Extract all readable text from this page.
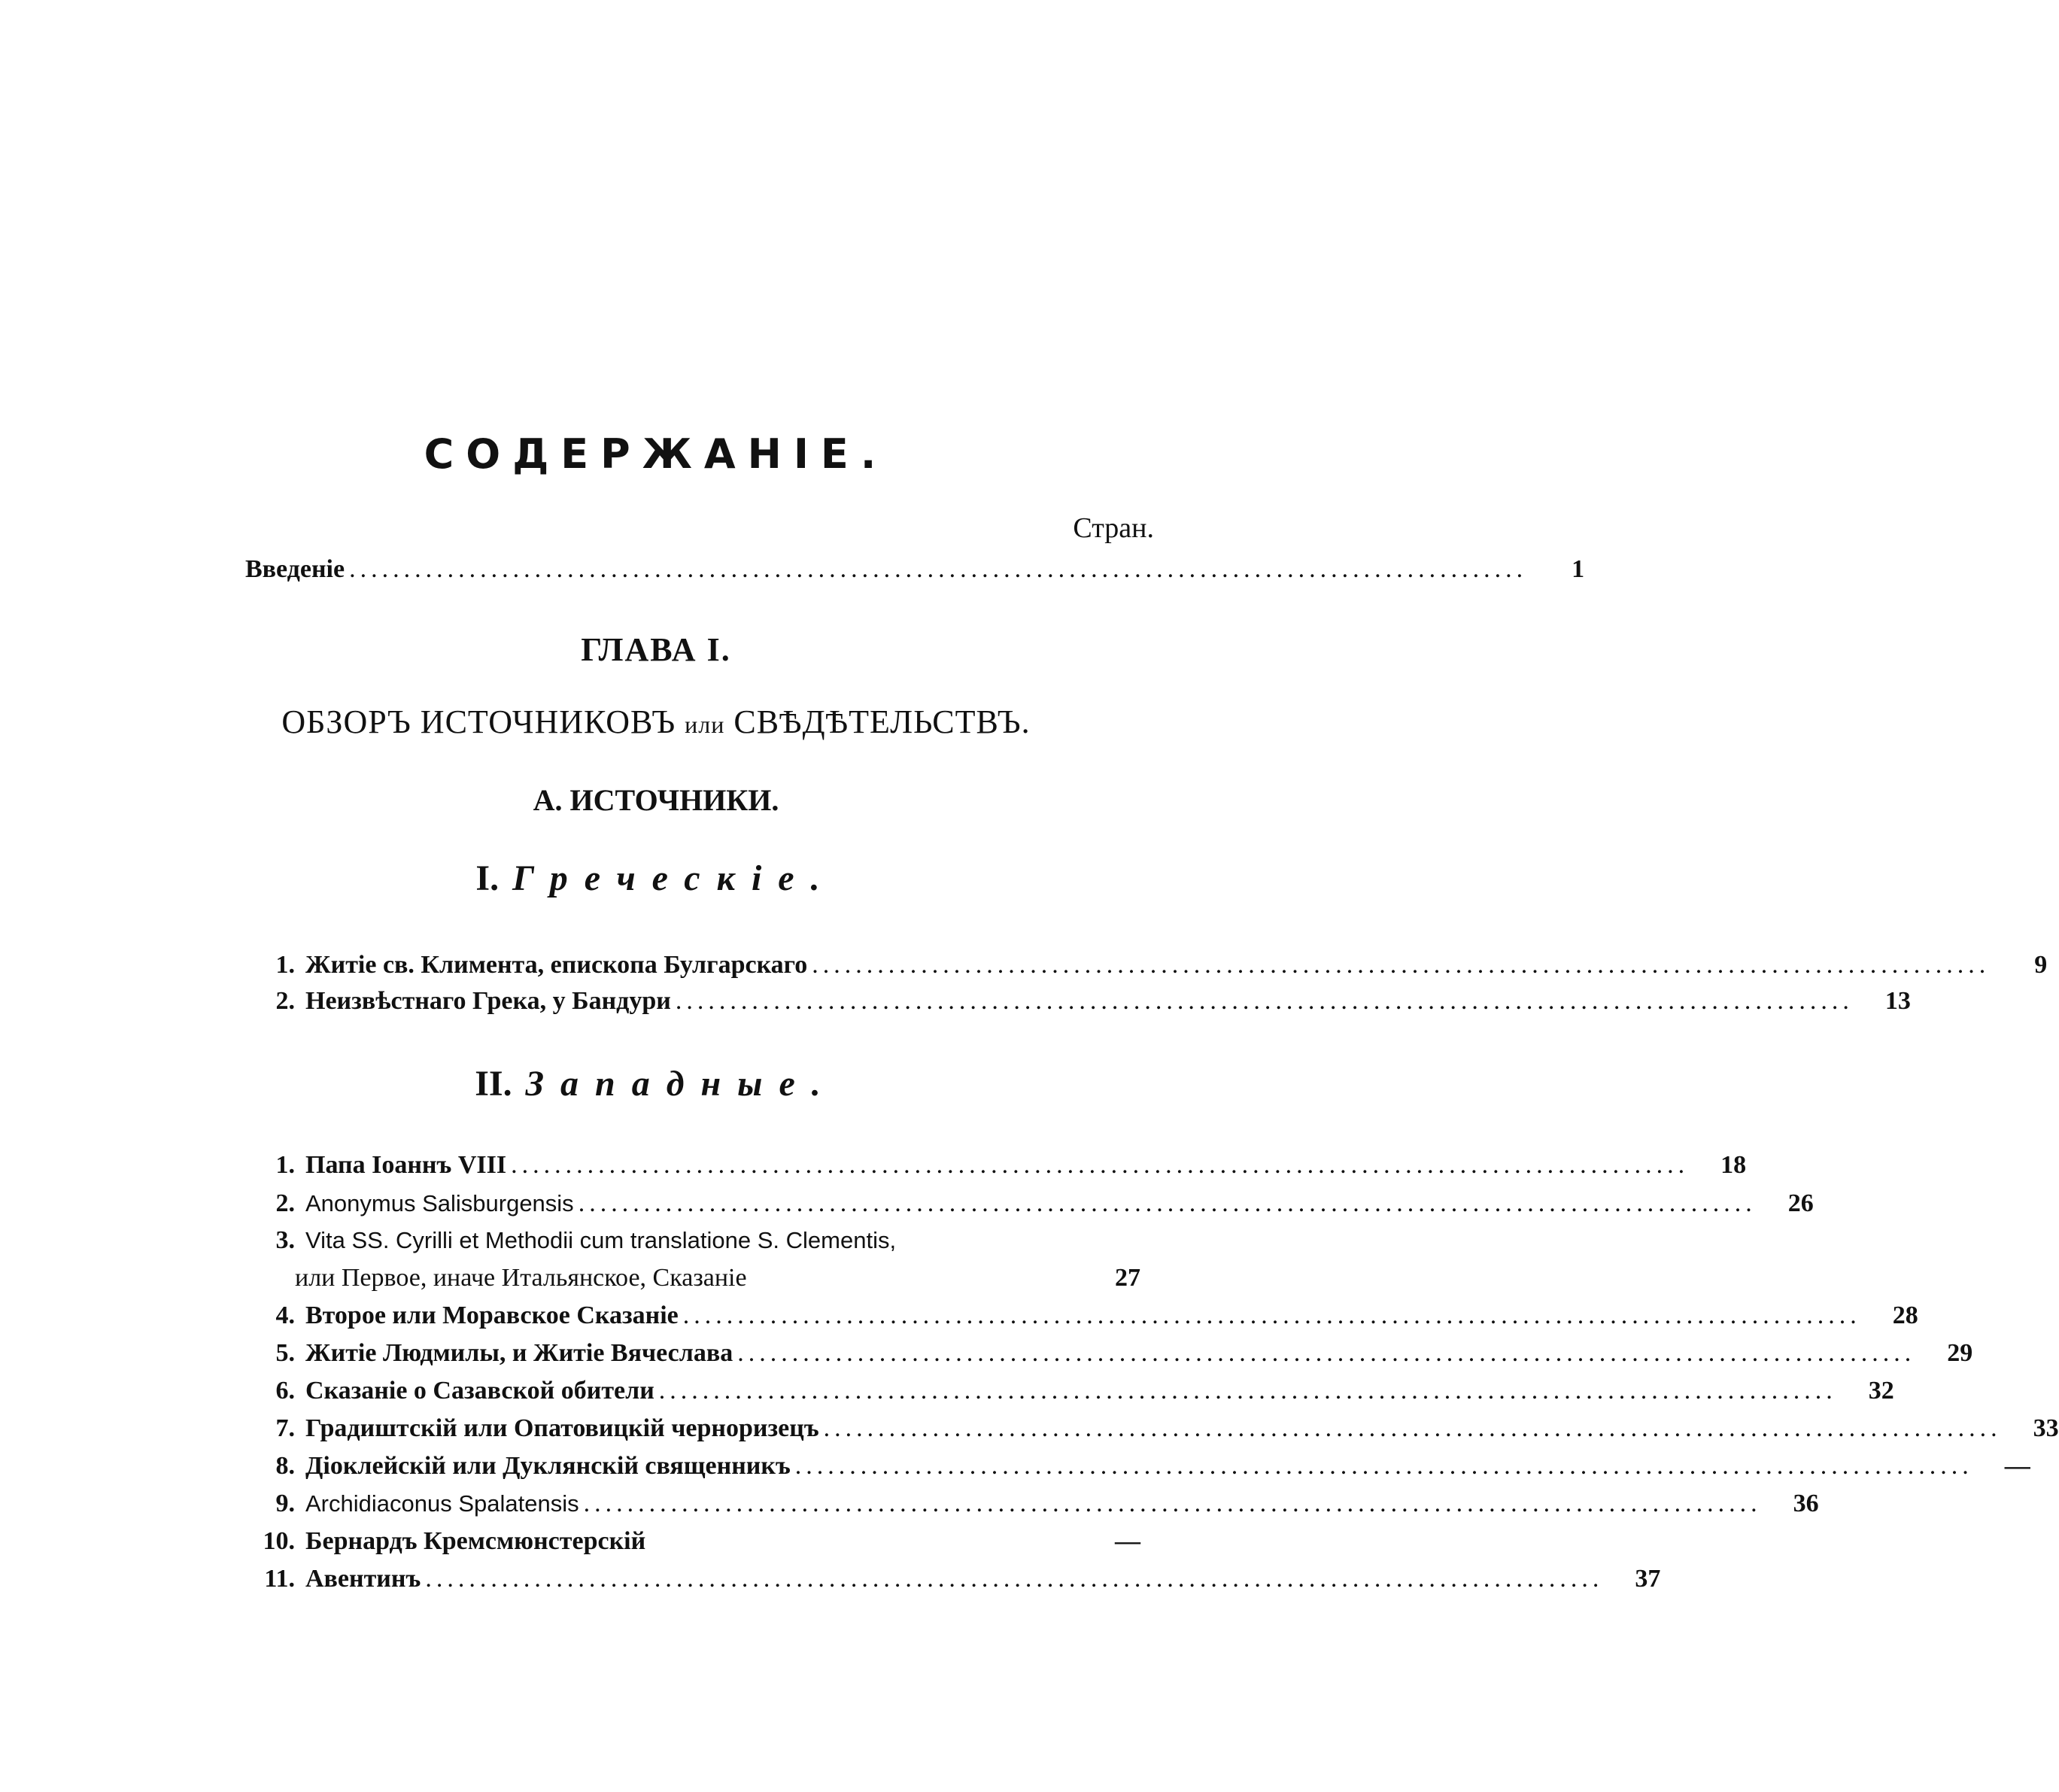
СОДЕРЖАНІЕ.
Стран.
Введеніе ............................................................................................................	1
ГЛАВА I.
ОБЗОРЪ ИСТОЧНИКОВЪ или СВѢДѢТЕЛЬСТВЪ.
А. ИСТОЧНИКИ.
I. Греческіе.
1. Житіе св. Климента, епископа Булгарскаго ............................................................................................................	9
2. Неизвѣстнаго Грека, у Бандури ............................................................................................................	13
II. Западные.
1. Папа Іоаннъ VIII ............................................................................................................	18
2. Anonymus Salisburgensis ............................................................................................................	26
3. Vita SS. Cyrilli et Methodii cum translatione S. Clementis,
или Первое, иначе Итальянское, Сказаніе	27
4. Второе или Моравское Сказаніе ............................................................................................................	28
5. Житіе Людмилы, и Житіе Вячеслава ............................................................................................................	29
6. Сказаніе о Сазавской обители ............................................................................................................	32
7. Градиштскій или Опатовицкій черноризецъ ............................................................................................................	33
8. Діоклейскій или Дуклянскій священникъ ............................................................................................................	—
9. Archidiaconus Spalatensis ............................................................................................................	36
10. Бернардъ Кремсмюнстерскій	—
11. Авентинъ ............................................................................................................	37
